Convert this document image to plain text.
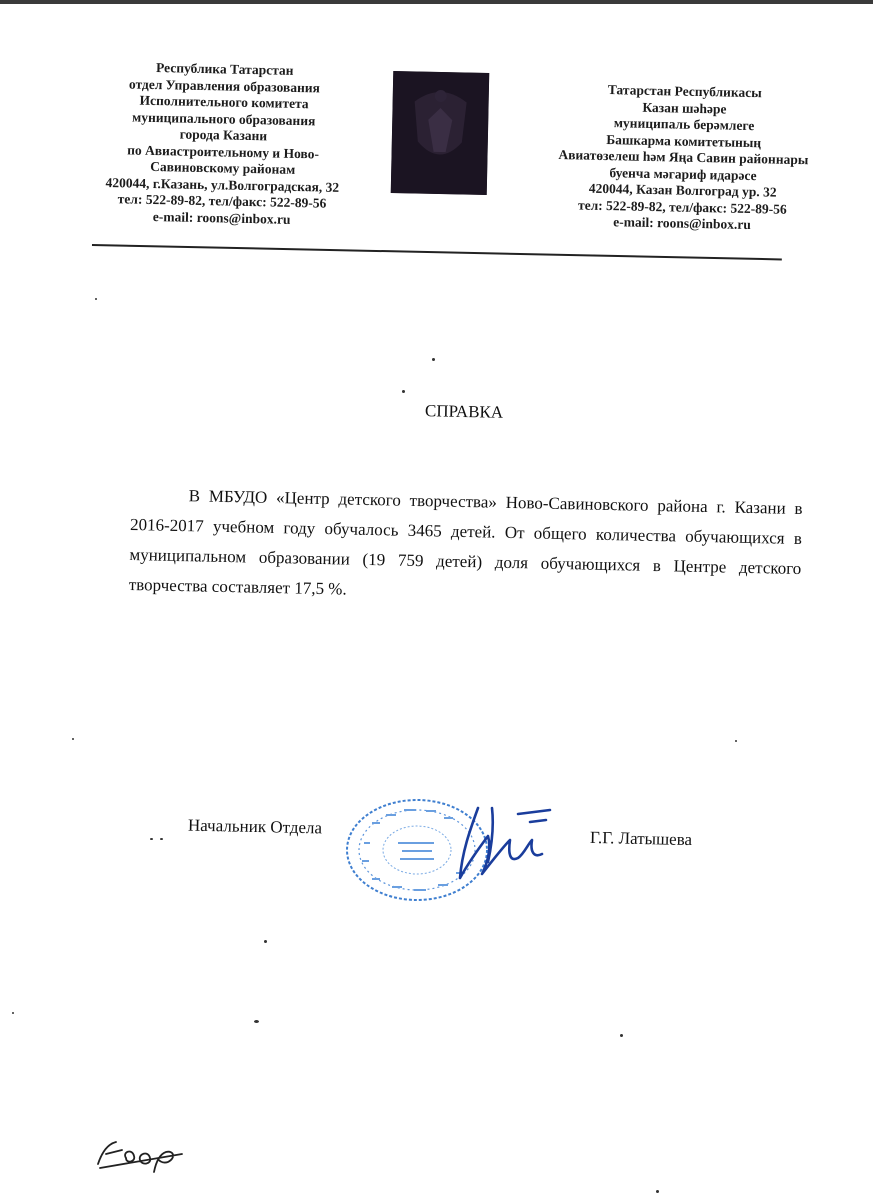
Республика Татарстан
отдел Управления образования
Исполнительного комитета
муниципального образования
города Казани
по Авиастроительному и Ново-
Савиновскому районам
420044, г.Казань, ул.Волгоградская, 32
тел: 522-89-82, тел/факс: 522-89-56
e-mail: roons@inbox.ru
Татарстан Республикасы
Казан шәһәре
муниципаль берәмлеге
Башкарма комитетының
Авиатөзелеш һәм Яңа Савин районнары
буенча мәгариф идарәсе
420044, Казан Волгоград ур. 32
тел: 522-89-82, тел/факс: 522-89-56
e-mail: roons@inbox.ru
СПРАВКА
В МБУДО «Центр детского творчества» Ново-Савиновского района г. Казани в 2016-2017 учебном году обучалось 3465 детей. От общего количества обучающихся в муниципальном образовании (19 759 детей) доля обучающихся в Центре детского творчества составляет 17,5 %.
Начальник Отдела
Г.Г. Латышева
